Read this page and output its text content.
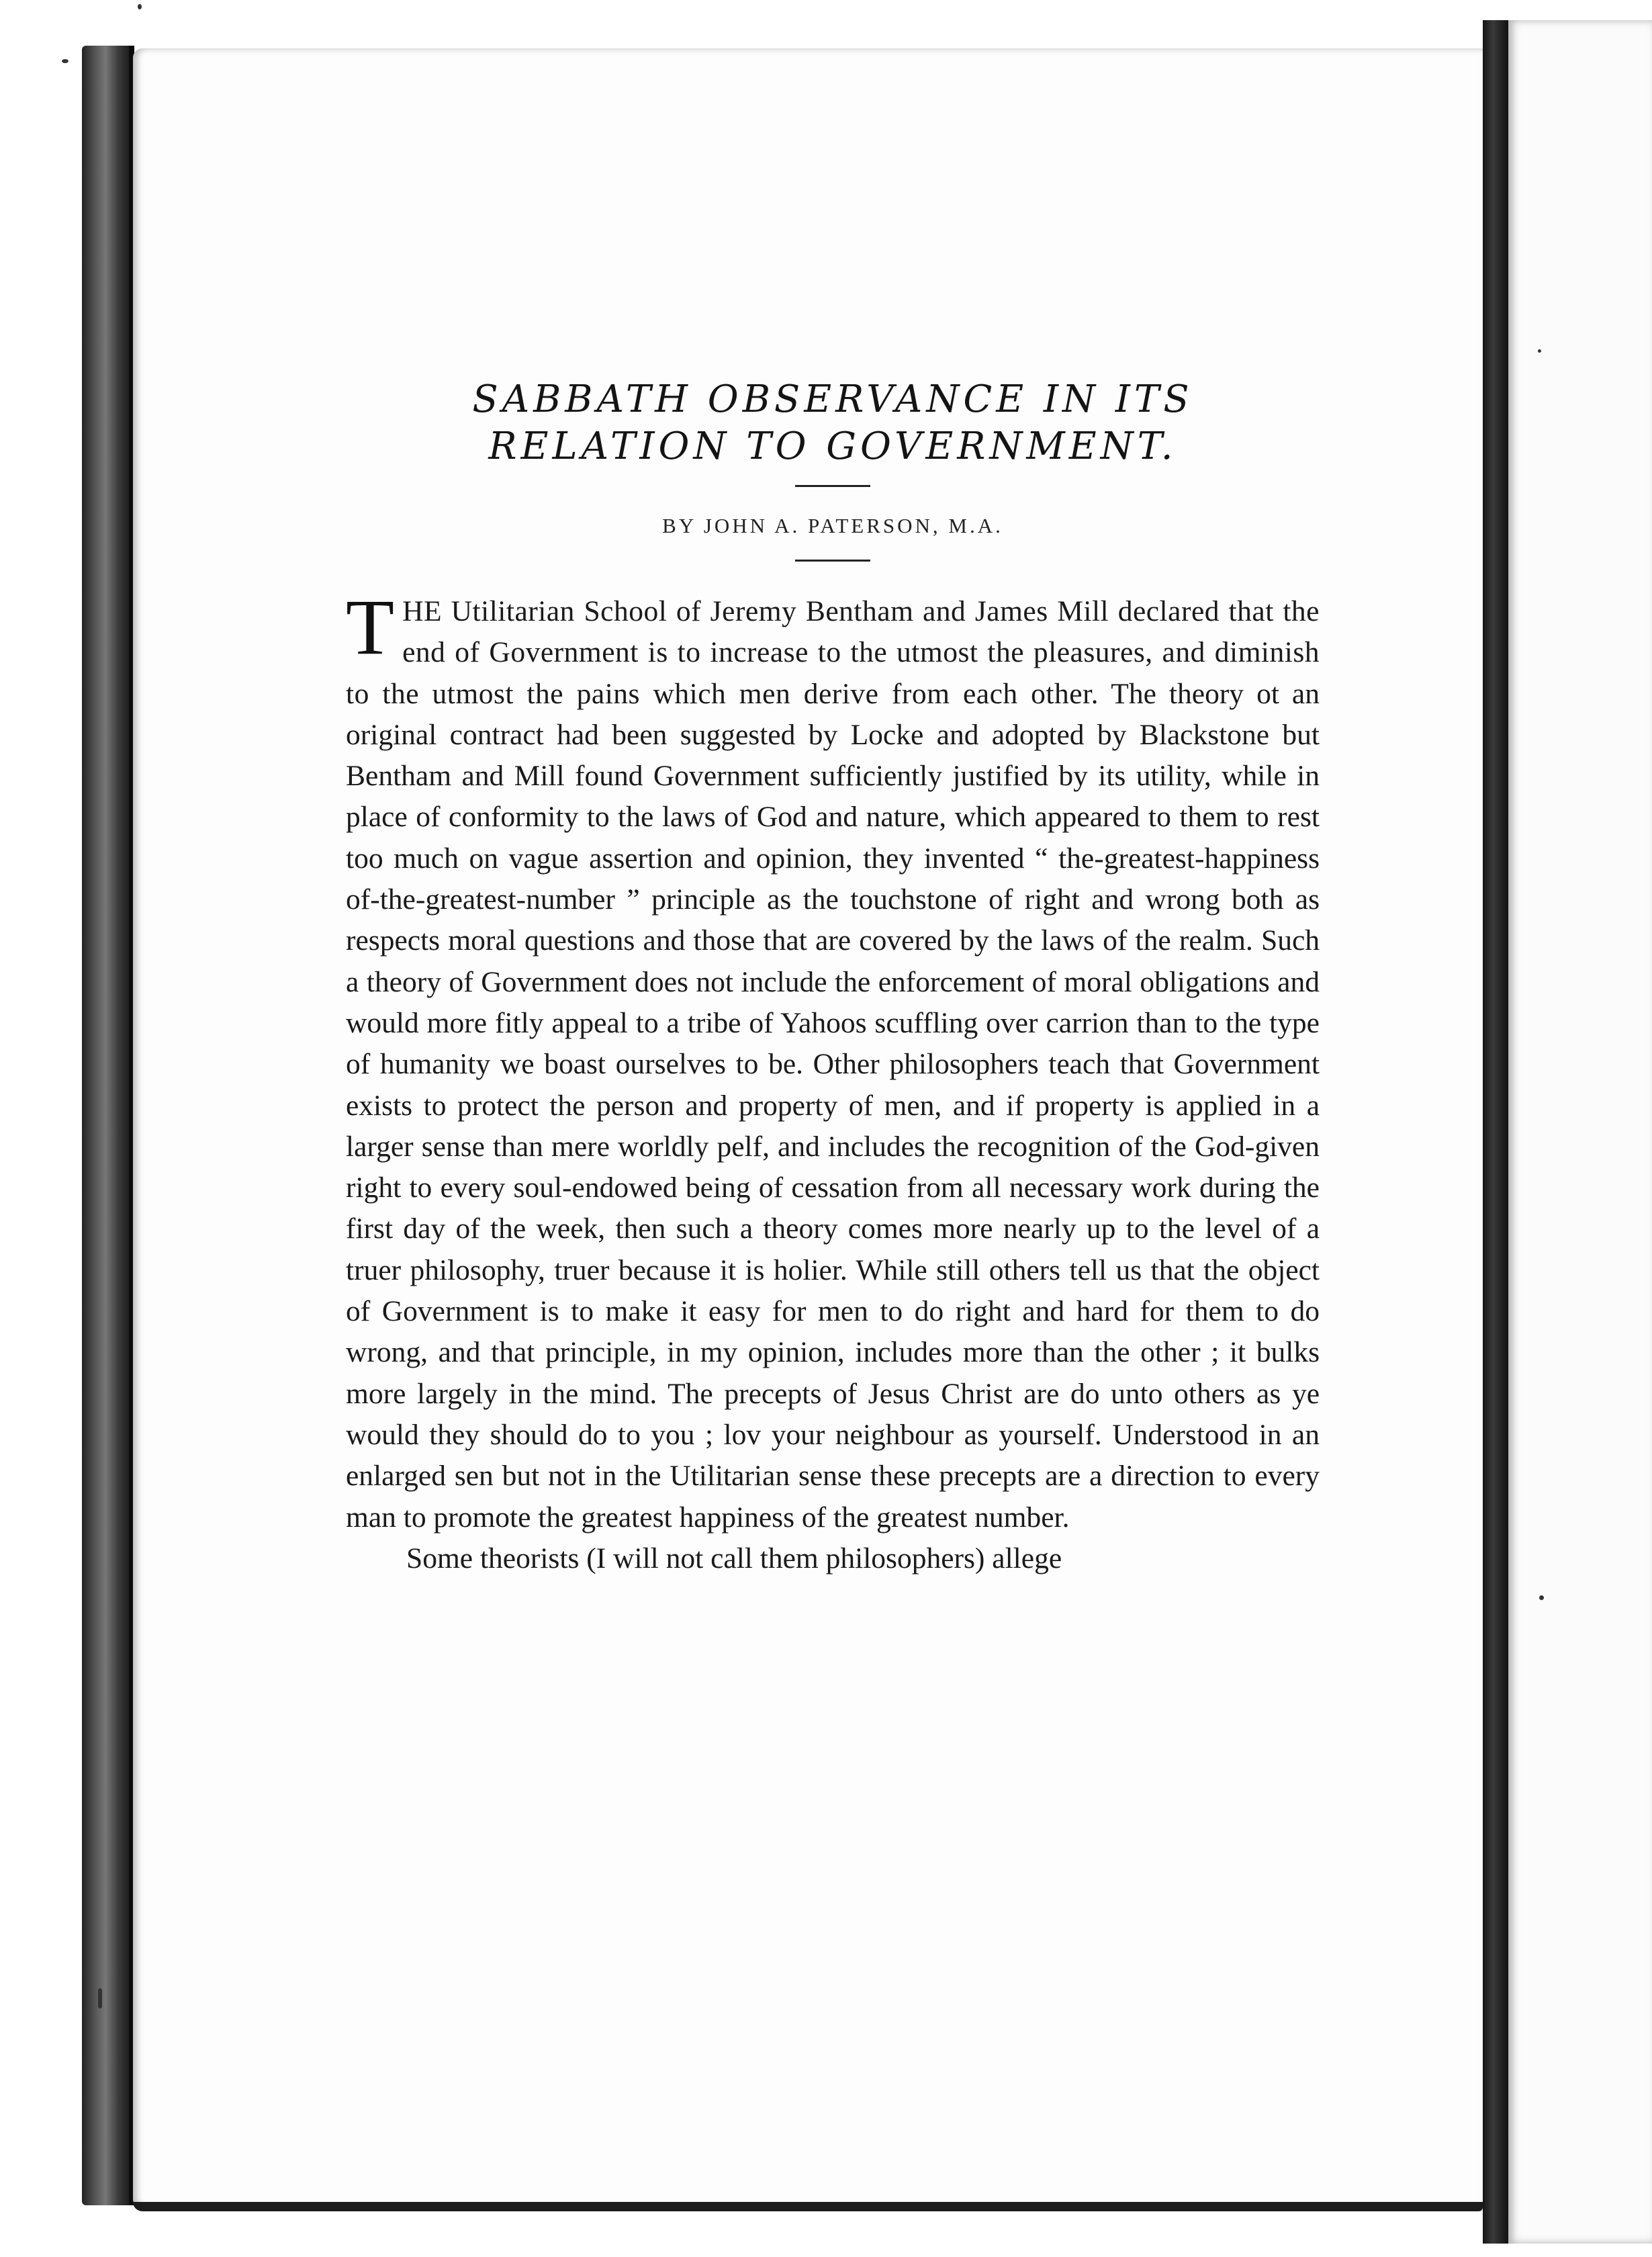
SABBATH OBSERVANCE IN ITS RELATION TO GOVERNMENT.
BY JOHN A. PATERSON, M.A.

THE Utilitarian School of Jeremy Bentham and James Mill declared that the end of Government is to increase to the utmost the pleasures, and diminish to the utmost the pains which men derive from each other. The theory ot an original contract had been suggested by Locke and adopted by Blackstone but Bentham and Mill found Government sufficiently justified by its utility, while in place of conformity to the laws of God and nature, which appeared to them to rest too much on vague assertion and opinion, they invented “ the-greatest-happiness of-the-greatest-number ” principle as the touchstone of right and wrong both as respects moral questions and those that are covered by the laws of the realm. Such a theory of Government does not include the enforcement of moral obligations and would more fitly appeal to a tribe of Yahoos scuffling over carrion than to the type of humanity we boast ourselves to be. Other philosophers teach that Government exists to protect the person and property of men, and if property is applied in a larger sense than mere worldly pelf, and includes the recognition of the God-given right to every soul-endowed being of cessation from all necessary work during the first day of the week, then such a theory comes more nearly up to the level of a truer philosophy, truer because it is holier. While still others tell us that the object of Government is to make it easy for men to do right and hard for them to do wrong, and that principle, in my opinion, includes more than the other ; it bulks more largely in the mind. The precepts of Jesus Christ are do unto others as ye would they should do to you ; lov your neighbour as yourself. Understood in an enlarged sen but not in the Utilitarian sense these precepts are a direction to every man to promote the greatest happiness of the greatest number.

Some theorists (I will not call them philosophers) allege
